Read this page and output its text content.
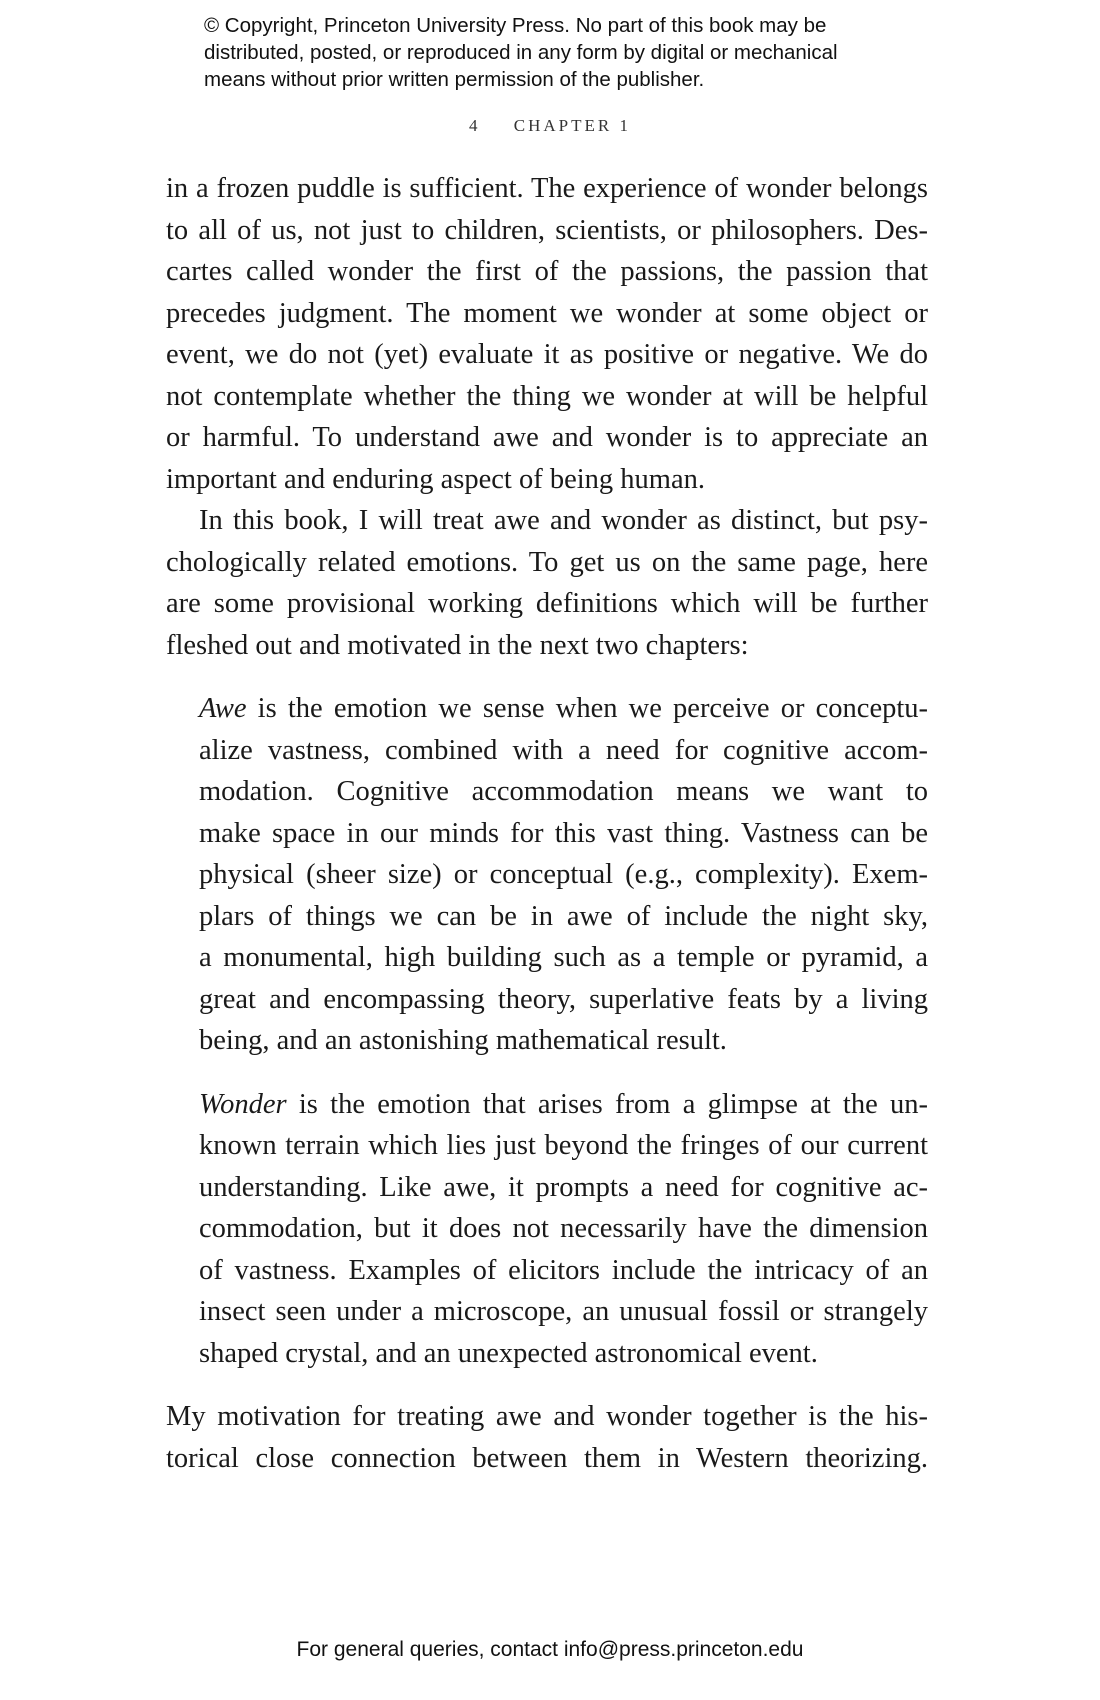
© Copyright, Princeton University Press. No part of this book may be
distributed, posted, or reproduced in any form by digital or mechanical
means without prior written permission of the publisher.
4 CHAPTER 1
in a frozen puddle is sufficient. The experience of wonder belongs
to all of us, not just to children, scientists, or philosophers. Des-
cartes called wonder the first of the passions, the passion that
precedes judgment. The moment we wonder at some object or
event, we do not (yet) evaluate it as positive or negative. We do
not contemplate whether the thing we wonder at will be helpful
or harmful. To understand awe and wonder is to appreciate an
important and enduring aspect of being human.
In this book, I will treat awe and wonder as distinct, but psy-
chologically related emotions. To get us on the same page, here
are some provisional working definitions which will be further
fleshed out and motivated in the next two chapters:
Awe is the emotion we sense when we perceive or conceptu-
alize vastness, combined with a need for cognitive accom-
modation. Cognitive accommodation means we want to
make space in our minds for this vast thing. Vastness can be
physical (sheer size) or conceptual (e.g., complexity). Exem-
plars of things we can be in awe of include the night sky,
a monumental, high building such as a temple or pyramid, a
great and encompassing theory, superlative feats by a living
being, and an astonishing mathematical result.
Wonder is the emotion that arises from a glimpse at the un-
known terrain which lies just beyond the fringes of our current
understanding. Like awe, it prompts a need for cognitive ac-
commodation, but it does not necessarily have the dimension
of vastness. Examples of elicitors include the intricacy of an
insect seen under a microscope, an unusual fossil or strangely
shaped crystal, and an unexpected astronomical event.
My motivation for treating awe and wonder together is the his-
torical close connection between them in Western theorizing.
For general queries, contact info@press.princeton.edu
